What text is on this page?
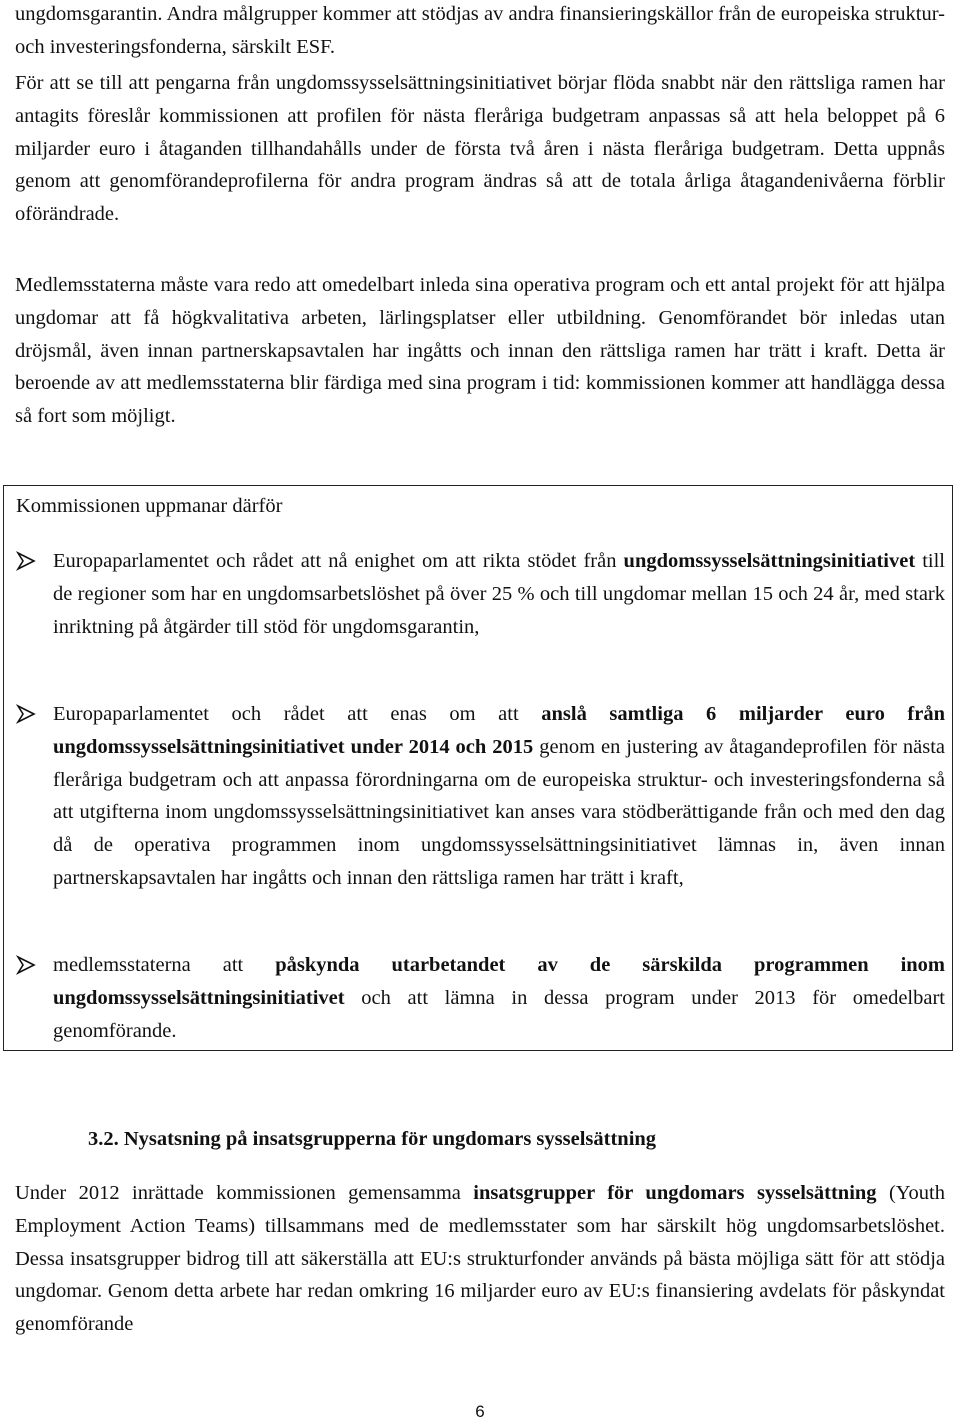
ungdomsgarantin. Andra målgrupper kommer att stödjas av andra finansieringskällor från de europeiska struktur- och investeringsfonderna, särskilt ESF.

För att se till att pengarna från ungdomssysselsättningsinitiativet börjar flöda snabbt när den rättsliga ramen har antagits föreslår kommissionen att profilen för nästa fleråriga budgetram anpassas så att hela beloppet på 6 miljarder euro i åtaganden tillhandahålls under de första två åren i nästa fleråriga budgetram. Detta uppnås genom att genomförandeprofilerna för andra program ändras så att de totala årliga åtagandenivåerna förblir oförändrade.

Medlemsstaterna måste vara redo att omedelbart inleda sina operativa program och ett antal projekt för att hjälpa ungdomar att få högkvalitativa arbeten, lärlingsplatser eller utbildning. Genomförandet bör inledas utan dröjsmål, även innan partnerskapsavtalen har ingåtts och innan den rättsliga ramen har trätt i kraft. Detta är beroende av att medlemsstaterna blir färdiga med sina program i tid: kommissionen kommer att handlägga dessa så fort som möjligt.

Kommissionen uppmanar därför

Europaparlamentet och rådet att nå enighet om att rikta stödet från ungdomssysselsättningsinitiativet till de regioner som har en ungdomsarbetslöshet på över 25 % och till ungdomar mellan 15 och 24 år, med stark inriktning på åtgärder till stöd för ungdomsgarantin,

Europaparlamentet och rådet att enas om att anslå samtliga 6 miljarder euro från ungdomssysselsättningsinitiativet under 2014 och 2015 genom en justering av åtagandeprofilen för nästa fleråriga budgetram och att anpassa förordningarna om de europeiska struktur- och investeringsfonderna så att utgifterna inom ungdomssysselsättningsinitiativet kan anses vara stödberättigande från och med den dag då de operativa programmen inom ungdomssysselsättningsinitiativet lämnas in, även innan partnerskapsavtalen har ingåtts och innan den rättsliga ramen har trätt i kraft,

medlemsstaterna att påskynda utarbetandet av de särskilda programmen inom ungdomssysselsättningsinitiativet och att lämna in dessa program under 2013 för omedelbart genomförande.

3.2. Nysatsning på insatsgrupperna för ungdomars sysselsättning

Under 2012 inrättade kommissionen gemensamma insatsgrupper för ungdomars sysselsättning (Youth Employment Action Teams) tillsammans med de medlemsstater som har särskilt hög ungdomsarbetslöshet. Dessa insatsgrupper bidrog till att säkerställa att EU:s strukturfonder används på bästa möjliga sätt för att stödja ungdomar. Genom detta arbete har redan omkring 16 miljarder euro av EU:s finansiering avdelats för påskyndat genomförande

6
